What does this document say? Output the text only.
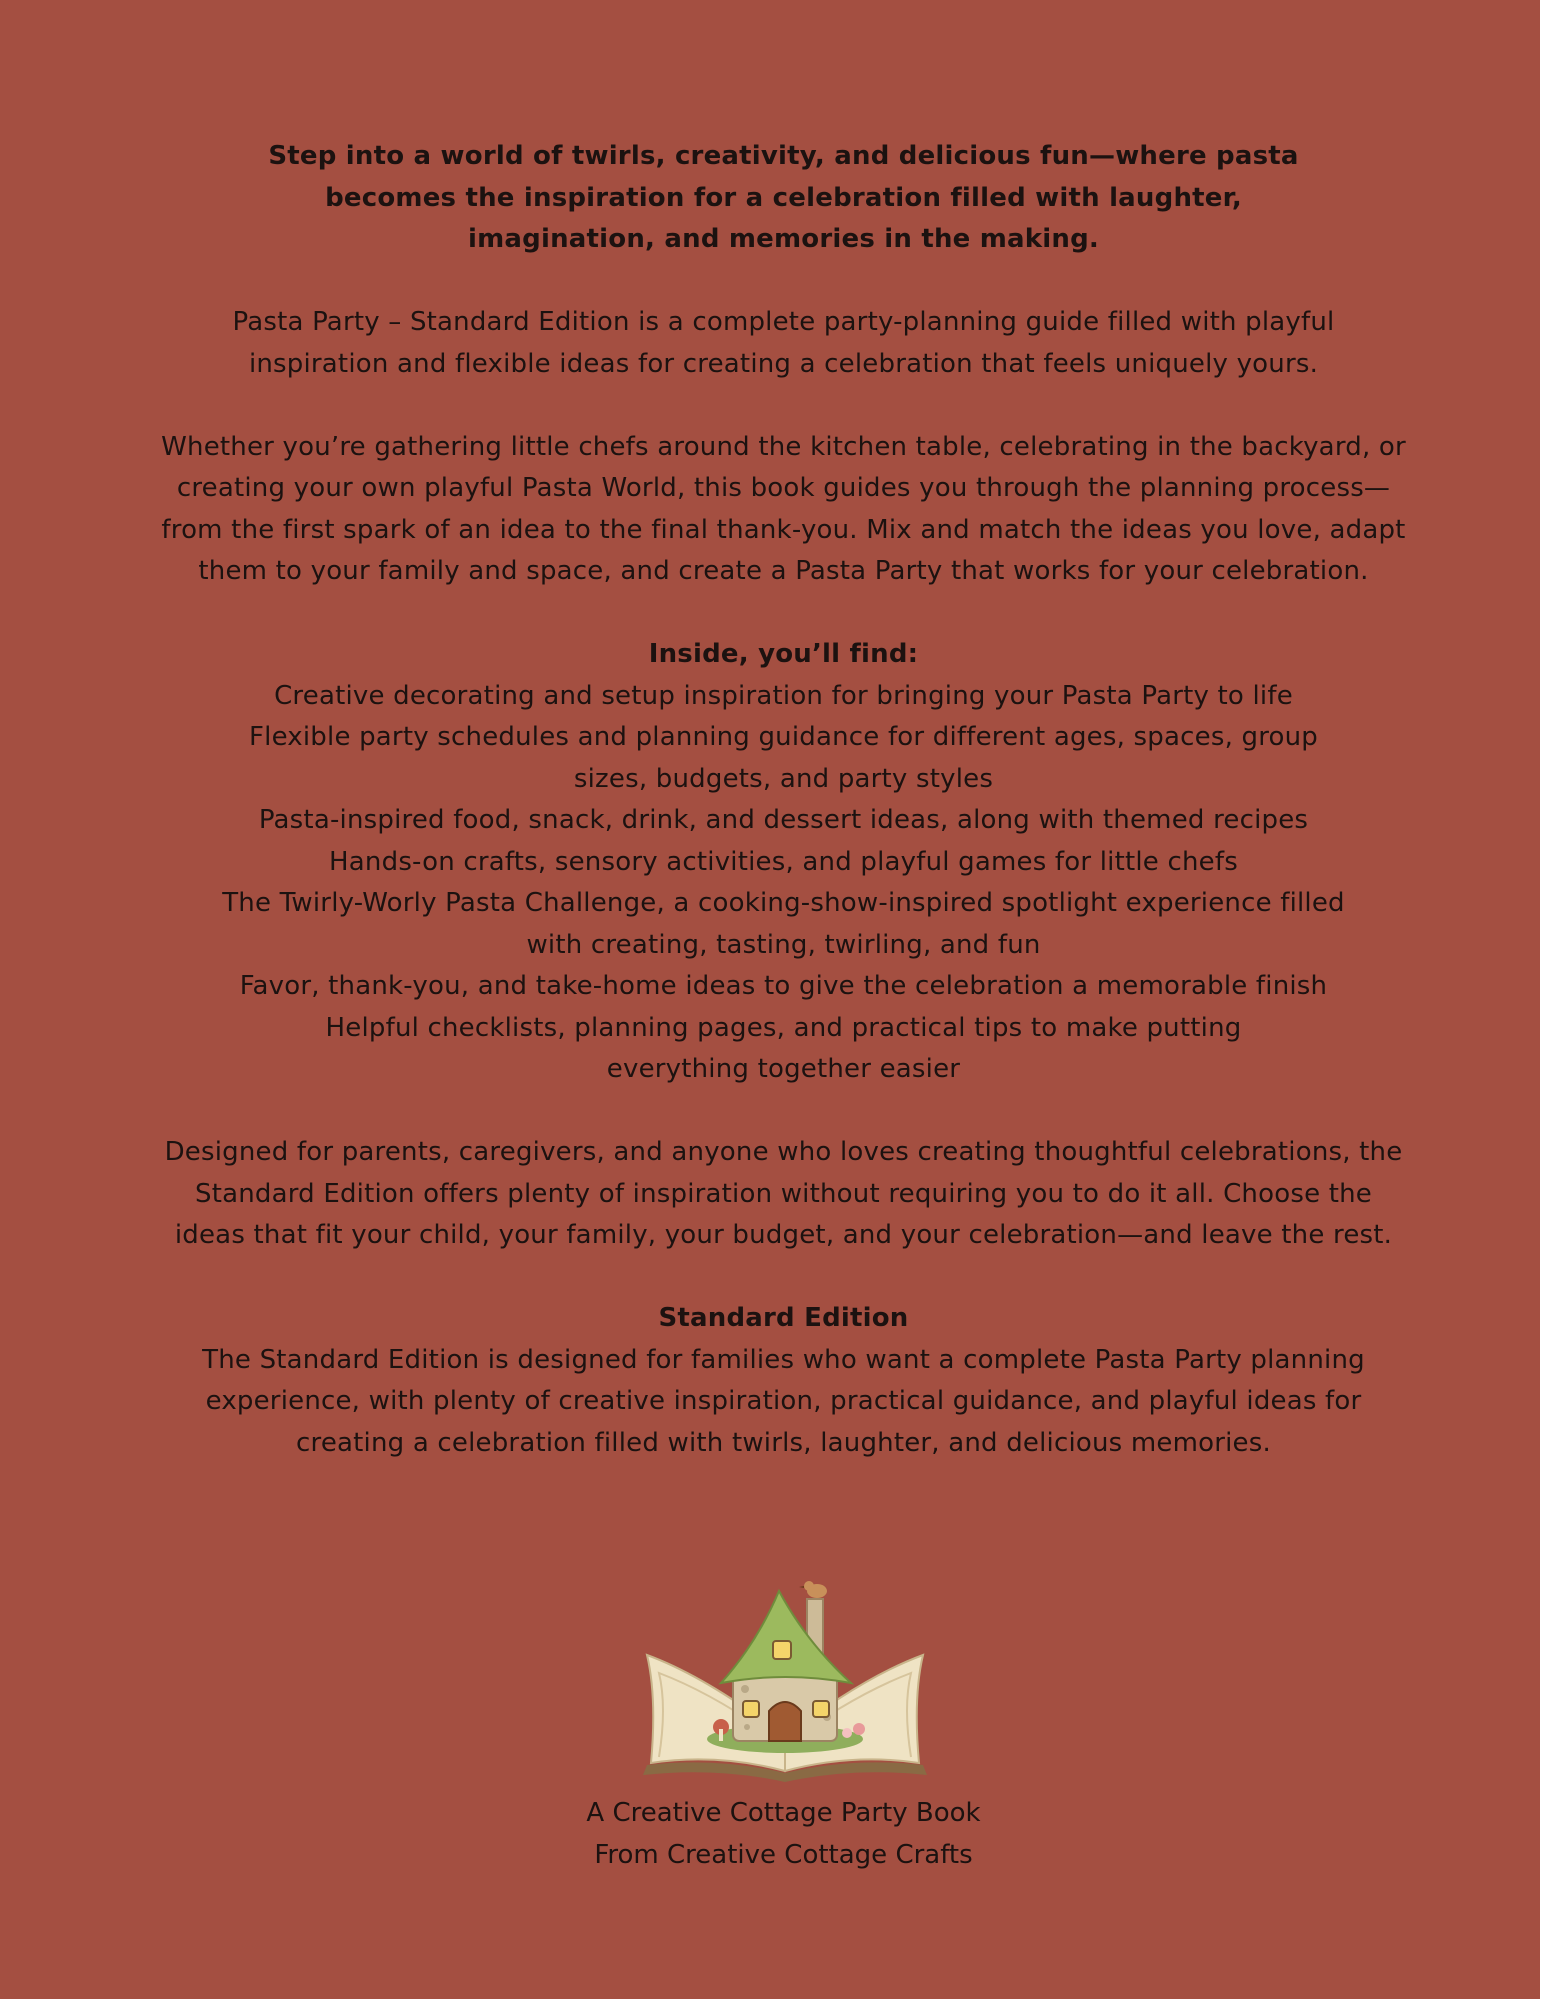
Step into a world of twirls, creativity, and delicious fun—where pasta

becomes the inspiration for a celebration filled with laughter,

imagination, and memories in the making.

Pasta Party – Standard Edition is a complete party-planning guide filled with playful inspiration and flexible ideas for creating a celebration that feels uniquely yours.

Whether you’re gathering little chefs around the kitchen table, celebrating in the backyard, or creating your own playful Pasta World, this book guides you through the planning process—from the first spark of an idea to the final thank-you. Mix and match the ideas you love, adapt them to your family and space, and create a Pasta Party that works for your celebration.

Inside, you’ll find:

Creative decorating and setup inspiration for bringing your Pasta Party to life

Flexible party schedules and planning guidance for different ages, spaces, group sizes, budgets, and party styles

Pasta-inspired food, snack, drink, and dessert ideas, along with themed recipes

Hands-on crafts, sensory activities, and playful games for little chefs

The Twirly-Worly Pasta Challenge, a cooking-show-inspired spotlight experience filled with creating, tasting, twirling, and fun

Favor, thank-you, and take-home ideas to give the celebration a memorable finish

Helpful checklists, planning pages, and practical tips to make putting everything together easier

Designed for parents, caregivers, and anyone who loves creating thoughtful celebrations, the Standard Edition offers plenty of inspiration without requiring you to do it all. Choose the ideas that fit your child, your family, your budget, and your celebration—and leave the rest.

Standard Edition

The Standard Edition is designed for families who want a complete Pasta Party planning experience, with plenty of creative inspiration, practical guidance, and playful ideas for creating a celebration filled with twirls, laughter, and delicious memories.

A Creative Cottage Party Book

From Creative Cottage Crafts
